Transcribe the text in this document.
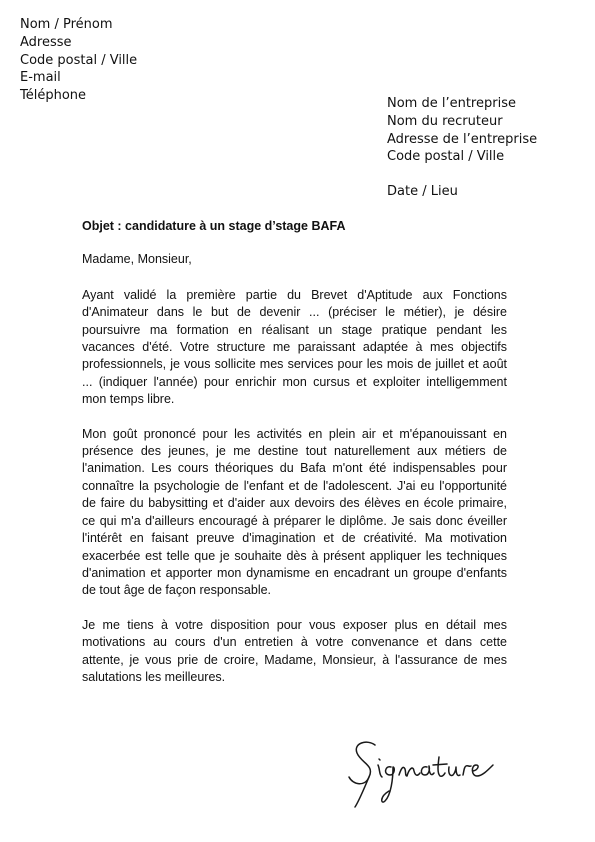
Nom / Prénom
Adresse
Code postal / Ville
E-mail
Téléphone
Nom de l’entreprise
Nom du recruteur
Adresse de l’entreprise
Code postal / Ville
Date / Lieu

Objet : candidature à un stage d’stage BAFA

Madame, Monsieur,

Ayant validé la première partie du Brevet d'Aptitude aux Fonctions d'Animateur dans le but de devenir ... (préciser le métier), je désire poursuivre ma formation en réalisant un stage pratique pendant les vacances d'été. Votre structure me paraissant adaptée à mes objectifs professionnels, je vous sollicite mes services pour les mois de juillet et août ... (indiquer l'année) pour enrichir mon cursus et exploiter intelligemment mon temps libre.

Mon goût prononcé pour les activités en plein air et m'épanouissant en présence des jeunes, je me destine tout naturellement aux métiers de l'animation. Les cours théoriques du Bafa m'ont été indispensables pour connaître la psychologie de l'enfant et de l'adolescent. J'ai eu l'opportunité de faire du babysitting et d'aider aux devoirs des élèves en école primaire, ce qui m'a d'ailleurs encouragé à préparer le diplôme. Je sais donc éveiller l'intérêt en faisant preuve d'imagination et de créativité. Ma motivation exacerbée est telle que je souhaite dès à présent appliquer les techniques d'animation et apporter mon dynamisme en encadrant un groupe d'enfants de tout âge de façon responsable.

Je me tiens à votre disposition pour vous exposer plus en détail mes motivations au cours d'un entretien à votre convenance et dans cette attente, je vous prie de croire, Madame, Monsieur, à l'assurance de mes salutations les meilleures.
